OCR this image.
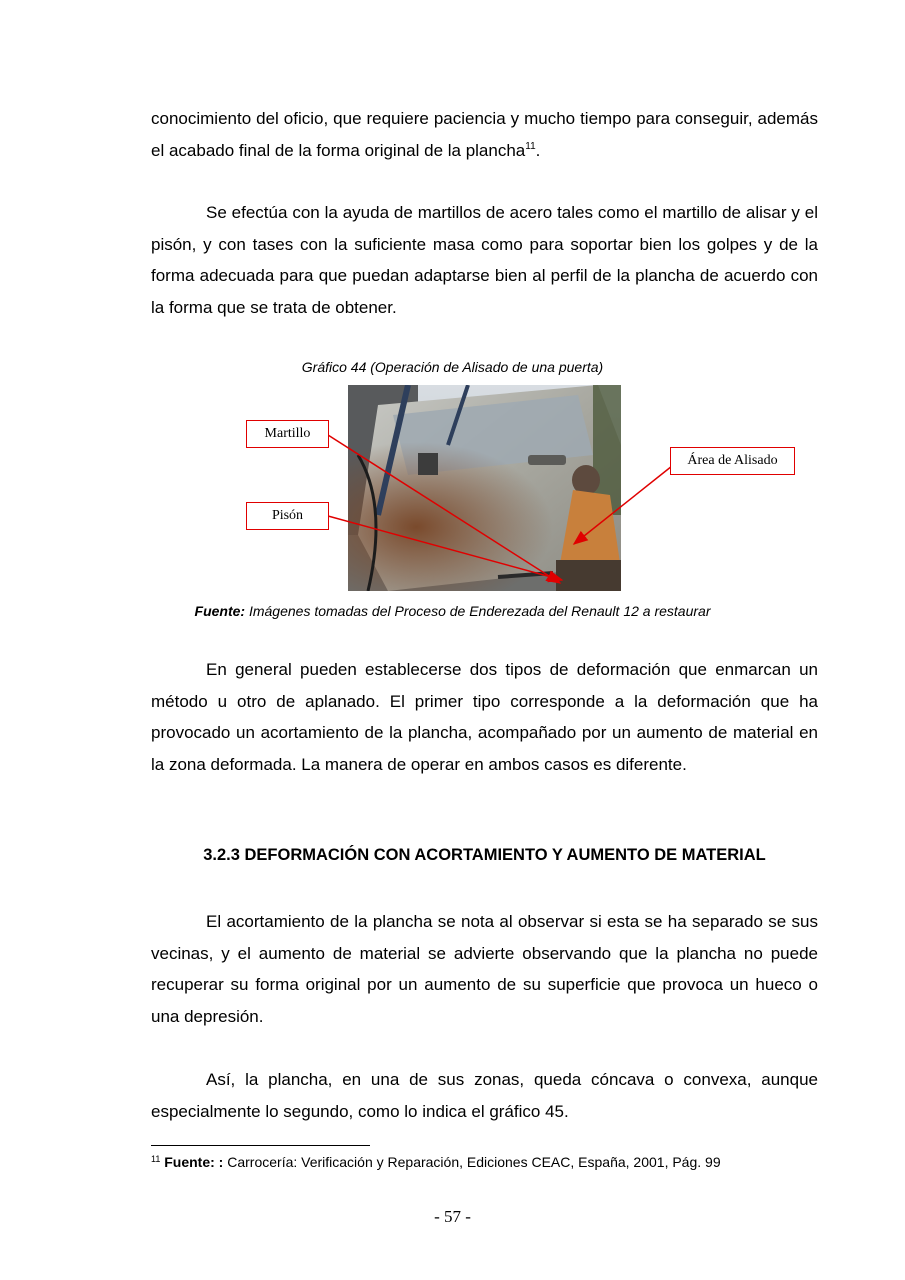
conocimiento del oficio, que requiere paciencia y mucho tiempo para conseguir, además el acabado final de la forma original de la plancha$^{11}$.

Se efectúa con la ayuda de martillos de acero tales como el martillo de alisar y el pisón, y con tases con la suficiente masa como para soportar bien los golpes y de la forma adecuada para que puedan adaptarse bien al perfil de la plancha de acuerdo con la forma que se trata de obtener.

Gráfico 44 (Operación de Alisado de una puerta)

Martillo
Pisón
Área de Alisado

Fuente: Imágenes tomadas del Proceso de Enderezada del Renault 12 a restaurar

En general pueden establecerse dos tipos de deformación que enmarcan un método u otro de aplanado. El primer tipo corresponde a la deformación que ha provocado un acortamiento de la plancha, acompañado por un aumento de material en la zona deformada. La manera de operar en ambos casos es diferente.

3.2.3 DEFORMACIÓN CON ACORTAMIENTO Y AUMENTO DE MATERIAL

El acortamiento de la plancha se nota al observar si esta se ha separado se sus vecinas, y el aumento de material se advierte observando que la plancha no puede recuperar su forma original por un aumento de su superficie que provoca un hueco o una depresión.

Así, la plancha, en una de sus zonas, queda cóncava o convexa, aunque especialmente lo segundo, como lo indica el gráfico 45.

$^{11}$ Fuente: : Carrocería: Verificación y Reparación, Ediciones CEAC, España, 2001, Pág. 99

- 57 -
